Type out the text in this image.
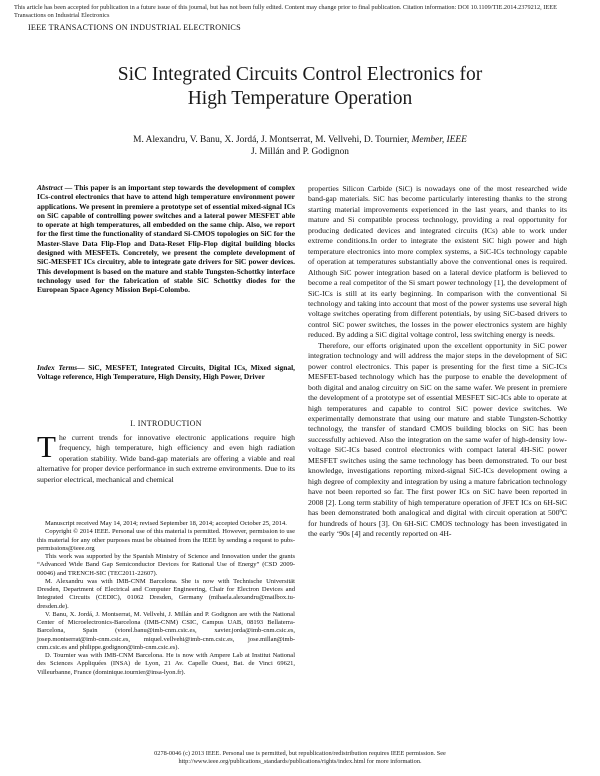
This article has been accepted for publication in a future issue of this journal, but has not been fully edited. Content may change prior to final publication. Citation information: DOI 10.1109/TIE.2014.2379212, IEEE Transactions on Industrial Electronics
IEEE TRANSACTIONS ON INDUSTRIAL ELECTRONICS
SiC Integrated Circuits Control Electronics for
High Temperature Operation
M. Alexandru, V. Banu, X. Jordá, J. Montserrat, M. Vellvehi, D. Tournier, Member, IEEE
J. Millán and P. Godignon
Abstract — This paper is an important step towards the development of complex ICs-control electronics that have to attend high temperature environment power applications. We present in premiere a prototype set of essential mixed-signal ICs on SiC capable of controlling power switches and a lateral power MESFET able to operate at high temperatures, all embedded on the same chip. Also, we report for the first time the functionality of standard Si-CMOS topologies on SiC for the Master-Slave Data Flip-Flop and Data-Reset Flip-Flop digital building blocks designed with MESFETs. Concretely, we present the complete development of SiC-MESFET ICs circuitry, able to integrate gate drivers for SiC power devices. This development is based on the mature and stable Tungsten-Schottky interface technology used for the fabrication of stable SiC Schottky diodes for the European Space Agency Mission Bepi-Colombo.
Index Terms— SiC, MESFET, Integrated Circuits, Digital ICs, Mixed signal, Voltage reference, High Temperature, High Density, High Power, Driver
I. INTRODUCTION
The current trends for innovative electronic applications require high frequency, high temperature, high efficiency and even high radiation operation stability. Wide band-gap materials are offering a viable and real alternative for proper device performance in such extreme environments. Due to its superior electrical, mechanical and chemical

Manuscript received May 14, 2014; revised September 18, 2014; accepted October 25, 2014.

Copyright © 2014 IEEE. Personal use of this material is permitted. However, permission to use this material for any other purposes must be obtained from the IEEE by sending a request to pubs-permissions@ieee.org

This work was supported by the Spanish Ministry of Science and Innovation under the grants “Advanced Wide Band Gap Semiconductor Devices for Rational Use of Energy” (CSD 2009-00046) and TRENCH-SIC (TEC2011-22607).

M. Alexandru was with IMB-CNM Barcelona. She is now with Technische Universität Dresden, Department of Electrical and Computer Engineering, Chair for Electron Devices and Integrated Circuits (CEDIC), 01062 Dresden, Germany (mihaela.alexandru@mailbox.tu-dresden.de).

V. Banu, X. Jordá, J. Montserrat, M. Vellvehi, J. Millán and P. Godignon are with the National Center of Microelectronics-Barcelona (IMB-CNM) CSIC, Campus UAB, 08193 Bellaterra-Barcelona, Spain (viorel.banu@imb-cnm.csic.es, xavier.jorda@imb-cnm.csic.es, josep.montserrat@imb-cnm.csic.es, miquel.vellvehi@imb-cnm.csic.es, jose.millan@imb-cnm.csic.es and philippe.godignon@imb-cnm.csic.es).

D. Tournier was with IMB-CNM Barcelona. He is now with Ampere Lab at Institut National des Sciences Appliquées (INSA) de Lyon, 21 Av. Capelle Ouest, Bat. de Vinci 69621, Villeurbanne, France (dominique.tournier@insa-lyon.fr).

properties Silicon Carbide (SiC) is nowadays one of the most researched wide band-gap materials. SiC has become particularly interesting thanks to the strong starting material improvements experienced in the last years, and thanks to its mature and Si compatible process technology, providing a real opportunity for producing dedicated devices and integrated circuits (ICs) able to work under extreme conditions.In order to integrate the existent SiC high power and high temperature electronics into more complex systems, a SiC-ICs technology capable of operation at temperatures substantially above the conventional ones is required. Although SiC power integration based on a lateral device platform is believed to become a real competitor of the Si smart power technology [1], the development of SiC-ICs is still at its early beginning. In comparison with the conventional Si technology and taking into account that most of the power systems use several high voltage switches operating from different potentials, by using SiC-based drivers to control SiC power switches, the losses in the power electronics system are highly reduced. By adding a SiC digital voltage control, less switching energy is needs.

Therefore, our efforts originated upon the excellent opportunity in SiC power integration technology and will address the major steps in the development of SiC power control electronics. This paper is presenting for the first time a SiC-ICs MESFET-based technology which has the purpose to enable the development of both digital and analog circuitry on SiC on the same wafer. We present in premiere the development of a prototype set of essential MESFET SiC-ICs able to operate at high temperatures and capable to control SiC power device switches. We experimentally demonstrate that using our mature and stable Tungsten-Schottky technology, the transfer of standard CMOS building blocks on SiC has been successfully achieved. Also the integration on the same wafer of high-density low-voltage SiC-ICs based control electronics with compact lateral 4H-SiC power MESFET switches using the same technology has been demonstrated. To our best knowledge, investigations reporting mixed-signal SiC-ICs development owing a high degree of complexity and integration by using a mature fabrication technology have not been reported so far. The first power ICs on SiC have been reported in 2008 [2]. Long term stability of high temperature operation of JFET ICs on 6H-SiC has been demonstrated both analogical and digital with circuit operation at 500ºC for hundreds of hours [3]. On 6H-SiC CMOS technology has been investigated in the early ‘90s [4] and recently reported on 4H-

0278-0046 (c) 2013 IEEE. Personal use is permitted, but republication/redistribution requires IEEE permission. See
http://www.ieee.org/publications_standards/publications/rights/index.html for more information.
